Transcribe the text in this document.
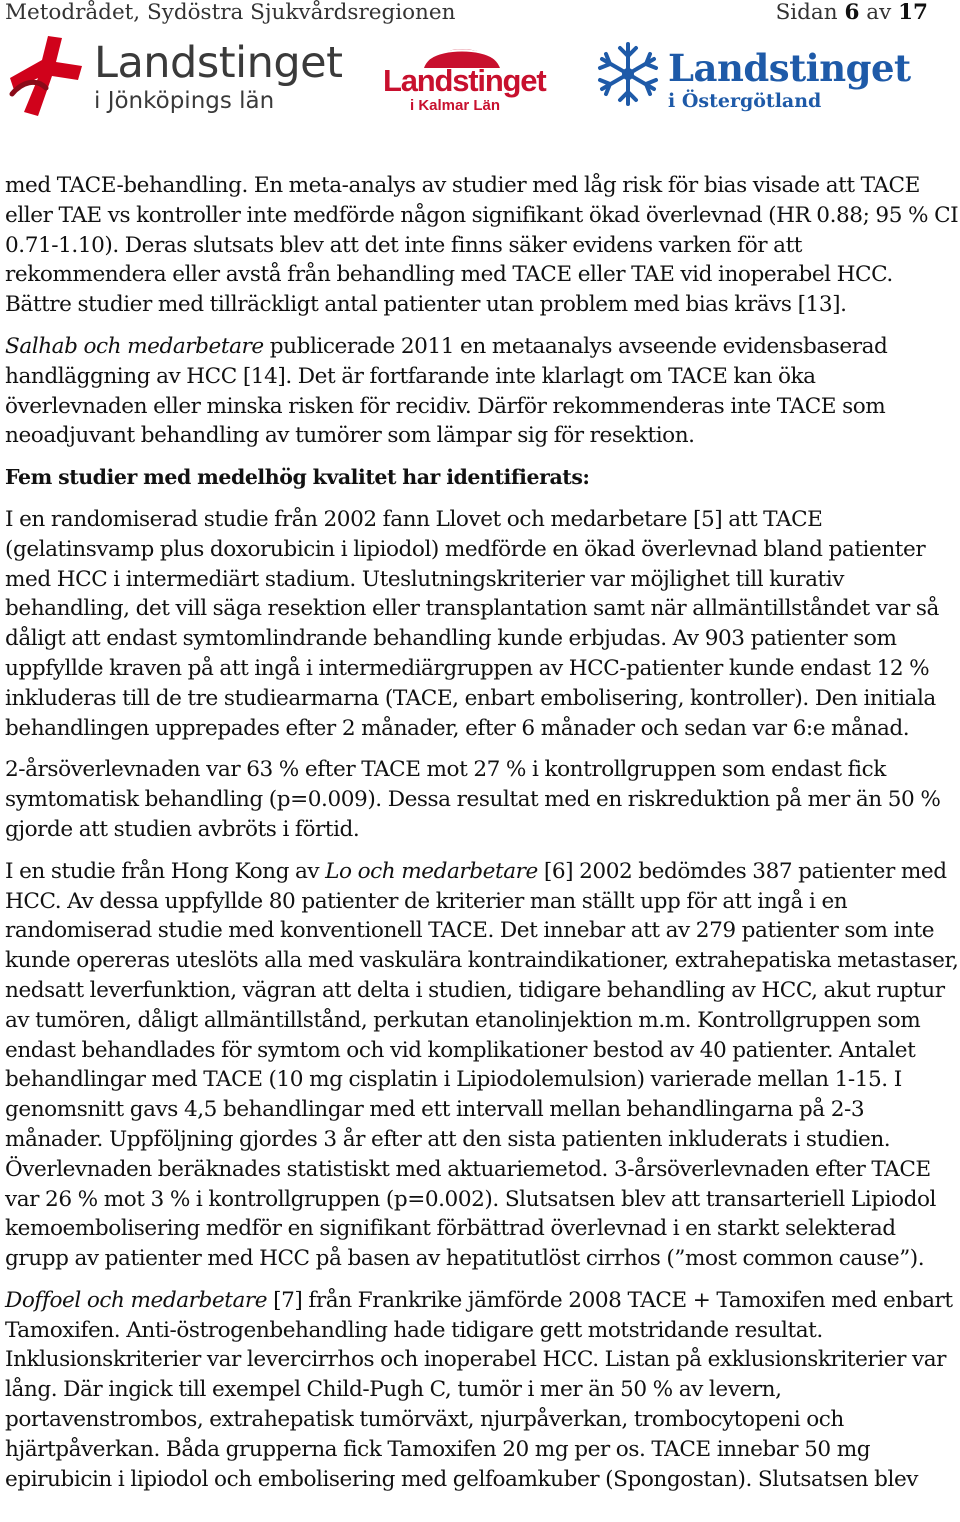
Metodrådet, Sydöstra Sjukvårdsregionen	Sidan 6 av 17
Landstinget
i Jönköpings län
Landstinget
i Kalmar Län
Landstinget
i Östergötland

med TACE-behandling. En meta-analys av studier med låg risk för bias visade att TACE eller TAE vs kontroller inte medförde någon signifikant ökad överlevnad (HR 0.88; 95 % CI 0.71-1.10). Deras slutsats blev att det inte finns säker evidens varken för att rekommendera eller avstå från behandling med TACE eller TAE vid inoperabel HCC. Bättre studier med tillräckligt antal patienter utan problem med bias krävs [13].

Salhab och medarbetare publicerade 2011 en metaanalys avseende evidensbaserad handläggning av HCC [14]. Det är fortfarande inte klarlagt om TACE kan öka överlevnaden eller minska risken för recidiv. Därför rekommenderas inte TACE som neoadjuvant behandling av tumörer som lämpar sig för resektion.

Fem studier med medelhög kvalitet har identifierats:

I en randomiserad studie från 2002 fann Llovet och medarbetare [5] att TACE (gelatinsvamp plus doxorubicin i lipiodol) medförde en ökad överlevnad bland patienter med HCC i intermediärt stadium. Uteslutningskriterier var möjlighet till kurativ behandling, det vill säga resektion eller transplantation samt när allmäntillståndet var så dåligt att endast symtomlindrande behandling kunde erbjudas. Av 903 patienter som uppfyllde kraven på att ingå i intermediärgruppen av HCC-patienter kunde endast 12 % inkluderas till de tre studiearmarna (TACE, enbart embolisering, kontroller). Den initiala behandlingen upprepades efter 2 månader, efter 6 månader och sedan var 6:e månad.

2-årsöverlevnaden var 63 % efter TACE mot 27 % i kontrollgruppen som endast fick symtomatisk behandling (p=0.009). Dessa resultat med en riskreduktion på mer än 50 % gjorde att studien avbröts i förtid.

I en studie från Hong Kong av Lo och medarbetare [6] 2002 bedömdes 387 patienter med HCC. Av dessa uppfyllde 80 patienter de kriterier man ställt upp för att ingå i en randomiserad studie med konventionell TACE. Det innebar att av 279 patienter som inte kunde opereras uteslöts alla med vaskulära kontraindikationer, extrahepatiska metastaser, nedsatt leverfunktion, vägran att delta i studien, tidigare behandling av HCC, akut ruptur av tumören, dåligt allmäntillstånd, perkutan etanolinjektion m.m. Kontrollgruppen som endast behandlades för symtom och vid komplikationer bestod av 40 patienter. Antalet behandlingar med TACE (10 mg cisplatin i Lipiodolemulsion) varierade mellan 1-15. I genomsnitt gavs 4,5 behandlingar med ett intervall mellan behandlingarna på 2-3 månader. Uppföljning gjordes 3 år efter att den sista patienten inkluderats i studien. Överlevnaden beräknades statistiskt med aktuariemetod. 3-årsöverlevnaden efter TACE var 26 % mot 3 % i kontrollgruppen (p=0.002). Slutsatsen blev att transarteriell Lipiodol kemoembolisering medför en signifikant förbättrad överlevnad i en starkt selekterad grupp av patienter med HCC på basen av hepatitutlöst cirrhos (”most common cause”).

Doffoel och medarbetare [7] från Frankrike jämförde 2008 TACE + Tamoxifen med enbart Tamoxifen. Anti-östrogenbehandling hade tidigare gett motstridande resultat. Inklusionskriterier var levercirrhos och inoperabel HCC. Listan på exklusionskriterier var lång. Där ingick till exempel Child-Pugh C, tumör i mer än 50 % av levern, portavenstrombos, extrahepatisk tumörväxt, njurpåverkan, trombocytopeni och hjärtpåverkan. Båda grupperna fick Tamoxifen 20 mg per os. TACE innebar 50 mg epirubicin i lipiodol och embolisering med gelfoamkuber (Spongostan). Slutsatsen blev
